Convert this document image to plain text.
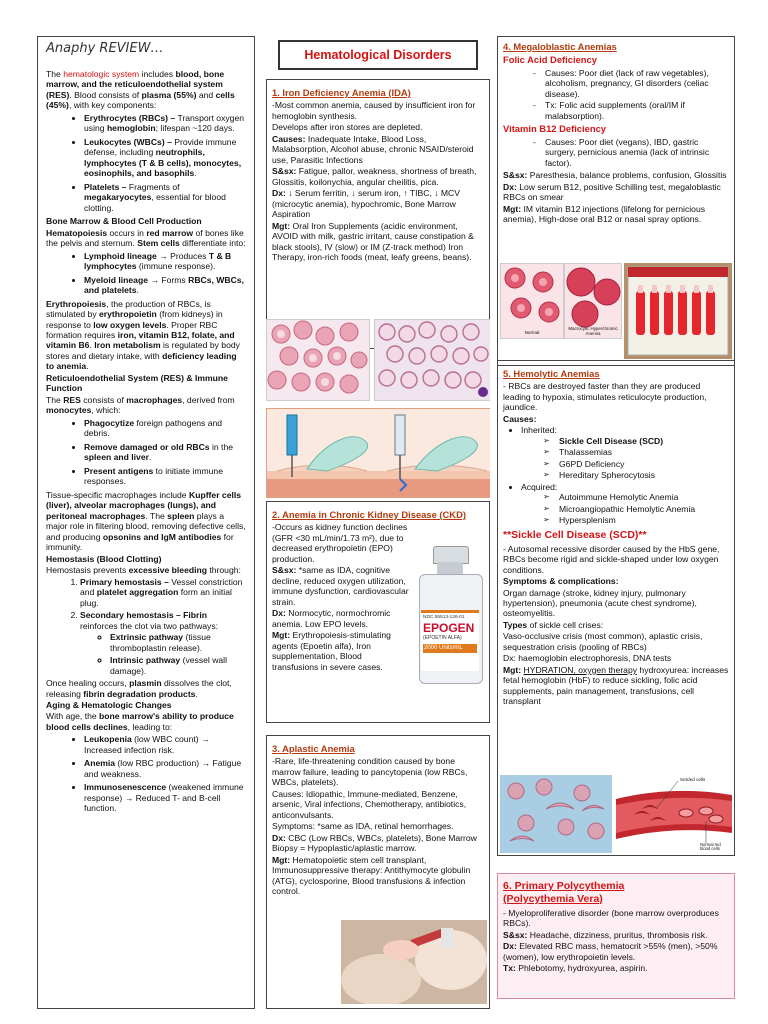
Anaphy REVIEW…

The hematologic system includes blood, bone marrow, and the reticuloendothelial system (RES). Blood consists of plasma (55%) and cells (45%), with key components:

• Erythrocytes (RBCs) – Transport oxygen using hemoglobin; lifespan ~120 days.
• Leukocytes (WBCs) – Provide immune defense, including neutrophils, lymphocytes (T & B cells), monocytes, eosinophils, and basophils.
• Platelets – Fragments of megakaryocytes, essential for blood clotting.

Bone Marrow & Blood Cell Production

Hematopoiesis occurs in red marrow of bones like the pelvis and sternum. Stem cells differentiate into:

• Lymphoid lineage → Produces T & B lymphocytes (immune response).
• Myeloid lineage → Forms RBCs, WBCs, and platelets.

Erythropoiesis, the production of RBCs, is stimulated by erythropoietin (from kidneys) in response to low oxygen levels. Proper RBC formation requires iron, vitamin B12, folate, and vitamin B6. Iron metabolism is regulated by body stores and dietary intake, with deficiency leading to anemia.

Reticuloendothelial System (RES) & Immune Function

The RES consists of macrophages, derived from monocytes, which:

• Phagocytize foreign pathogens and debris.
• Remove damaged or old RBCs in the spleen and liver.
• Present antigens to initiate immune responses.

Tissue-specific macrophages include Kupffer cells (liver), alveolar macrophages (lungs), and peritoneal macrophages. The spleen plays a major role in filtering blood, removing defective cells, and producing opsonins and IgM antibodies for immunity.

Hemostasis (Blood Clotting)

Hemostasis prevents excessive bleeding through:

1. Primary hemostasis – Vessel constriction and platelet aggregation form an initial plug.
2. Secondary hemostasis – Fibrin reinforces the clot via two pathways:
◦ Extrinsic pathway (tissue thromboplastin release).
◦ Intrinsic pathway (vessel wall damage).

Once healing occurs, plasmin dissolves the clot, releasing fibrin degradation products.

Aging & Hematologic Changes

With age, the bone marrow's ability to produce blood cells declines, leading to:

• Leukopenia (low WBC count) → Increased infection risk.
• Anemia (low RBC production) → Fatigue and weakness.
• Immunosenescence (weakened immune response) → Reduced T- and B-cell function.
Hematological Disorders

1. Iron Deficiency Anemia (IDA)

-Most common anemia, caused by insufficient iron for hemoglobin synthesis.

Develops after iron stores are depleted.

Causes: Inadequate Intake, Blood Loss, Malabsorption, Alcohol abuse, chronic NSAID/steroid use, Parasitic Infections

S&sx: Fatigue, pallor, weakness, shortness of breath, Glossitis, koilonychia, angular cheilitis, pica.

Dx: ↓ Serum ferritin, ↓ serum iron, ↑ TIBC, ↓ MCV (microcytic anemia), hypochromic, Bone Marrow Aspiration

Mgt: Oral Iron Supplements (acidic environment, AVOID with milk, gastric irritant, cause constipation & black stools), IV (slow) or IM (Z-track method) Iron Therapy, iron-rich foods (meat, leafy greens, beans).

2. Anemia in Chronic Kidney Disease (CKD)

-Occurs as kidney function declines (GFR <30 mL/min/1.73 m²), due to decreased erythropoietin (EPO) production.

S&sx: *same as IDA, cognitive decline, reduced oxygen utilization, immune dysfunction, cardiovascular strain.

Dx: Normocytic, normochromic anemia. Low EPO levels.

Mgt: Erythropoiesis-stimulating agents (Epoetin alfa), Iron supplementation, Blood transfusions in severe cases.

NDC 55513-126-01
EPOGEN
(EPOETIN ALFA)
2000 Units/mL

3. Aplastic Anemia

-Rare, life-threatening condition caused by bone marrow failure, leading to pancytopenia (low RBCs, WBCs, platelets).

Causes: Idiopathic, Immune-mediated, Benzene, arsenic, Viral infections, Chemotherapy, antibiotics, anticonvulsants.

Symptoms: *same as IDA, retinal hemorrhages.

Dx: CBC (Low RBCs, WBCs, platelets), Bone Marrow Biopsy = Hypoplastic/aplastic marrow.

Mgt: Hematopoietic stem cell transplant, Immunosuppressive therapy: Antithymocyte globulin (ATG), cyclosporine, Blood transfusions & infection control.

4. Megaloblastic Anemias

Folic Acid Deficiency

- Causes: Poor diet (lack of raw vegetables), alcoholism, pregnancy, GI disorders (celiac disease).
- Tx: Folic acid supplements (oral/IM if malabsorption).

Vitamin B12 Deficiency

- Causes: Poor diet (vegans), IBD, gastric surgery, pernicious anemia (lack of intrinsic factor).

S&sx: Paresthesia, balance problems, confusion, Glossitis

Dx: Low serum B12, positive Schilling test, megaloblastic RBCs on smear

Mgt: IM vitamin B12 injections (lifelong for pernicious anemia), High-dose oral B12 or nasal spray options.

Normal
Macrocytic Hyperchromic Anemia

5. Hemolytic Anemias

- RBCs are destroyed faster than they are produced leading to hypoxia, stimulates reticulocyte production, jaundice.

Causes:

• Inherited:
➢ Sickle Cell Disease (SCD)
➢ Thalassemias
➢ G6PD Deficiency
➢ Hereditary Spherocytosis
• Acquired:
➢ Autoimmune Hemolytic Anemia
➢ Microangiopathic Hemolytic Anemia
➢ Hypersplenism

**Sickle Cell Disease (SCD)**

- Autosomal recessive disorder caused by the HbS gene, RBCs become rigid and sickle-shaped under low oxygen conditions.

Symptoms & complications:

Organ damage (stroke, kidney injury, pulmonary hypertension), pneumonia (acute chest syndrome), osteomyelitis.

Types of sickle cell crises:

Vaso-occlusive crisis (most common), aplastic crisis, sequestration crisis (pooling of RBCs)

Dx: haemoglobin electrophoresis, DNA tests

Mgt: HYDRATION, oxygen therapy hydroxyurea: increases fetal hemoglobin (HbF) to reduce sickling, folic acid supplements, pain management, transfusions, cell transplant

Sickled cells
Normal red blood cells

6. Primary Polycythemia

(Polycythemia Vera)

- Myeloproliferative disorder (bone marrow overproduces RBCs).

S&sx: Headache, dizziness, pruritus, thrombosis risk.

Dx: Elevated RBC mass, hematocrit >55% (men), >50% (women), low erythropoietin levels.

Tx: Phlebotomy, hydroxyurea, aspirin.
